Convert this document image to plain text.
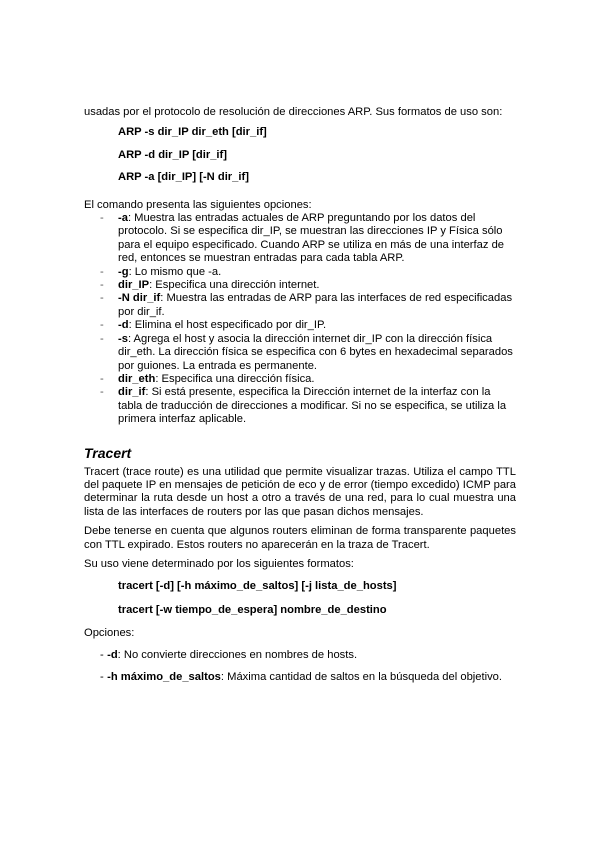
usadas por el protocolo de resolución de direcciones ARP. Sus formatos de uso son:

ARP -s dir_IP dir_eth [dir_if]

ARP -d dir_IP [dir_if]

ARP -a [dir_IP] [-N dir_if]

El comando presenta las siguientes opciones:

- -a: Muestra las entradas actuales de ARP preguntando por los datos del protocolo. Si se especifica dir_IP, se muestran las direcciones IP y Física sólo para el equipo especificado. Cuando ARP se utiliza en más de una interfaz de red, entonces se muestran entradas para cada tabla ARP.
- -g: Lo mismo que -a.
- dir_IP: Especifica una dirección internet.
- -N dir_if: Muestra las entradas de ARP para las interfaces de red especificadas por dir_if.
- -d: Elimina el host especificado por dir_IP.
- -s: Agrega el host y asocia la dirección internet dir_IP con la dirección física dir_eth. La dirección física se especifica con 6 bytes en hexadecimal separados por guiones. La entrada es permanente.
- dir_eth: Especifica una dirección física.
- dir_if: Si está presente, especifica la Dirección internet de la interfaz con la tabla de traducción de direcciones a modificar. Si no se especifica, se utiliza la primera interfaz aplicable.

Tracert

Tracert (trace route) es una utilidad que permite visualizar trazas. Utiliza el campo TTL del paquete IP en mensajes de petición de eco y de error (tiempo excedido) ICMP para determinar la ruta desde un host a otro a través de una red, para lo cual muestra una lista de las interfaces de routers por las que pasan dichos mensajes.

Debe tenerse en cuenta que algunos routers eliminan de forma transparente paquetes con TTL expirado. Estos routers no aparecerán en la traza de Tracert.

Su uso viene determinado por los siguientes formatos:

tracert [-d] [-h máximo_de_saltos] [-j lista_de_hosts]

tracert [-w tiempo_de_espera] nombre_de_destino

Opciones:

- -d: No convierte direcciones en nombres de hosts.
- -h máximo_de_saltos: Máxima cantidad de saltos en la búsqueda del objetivo.
